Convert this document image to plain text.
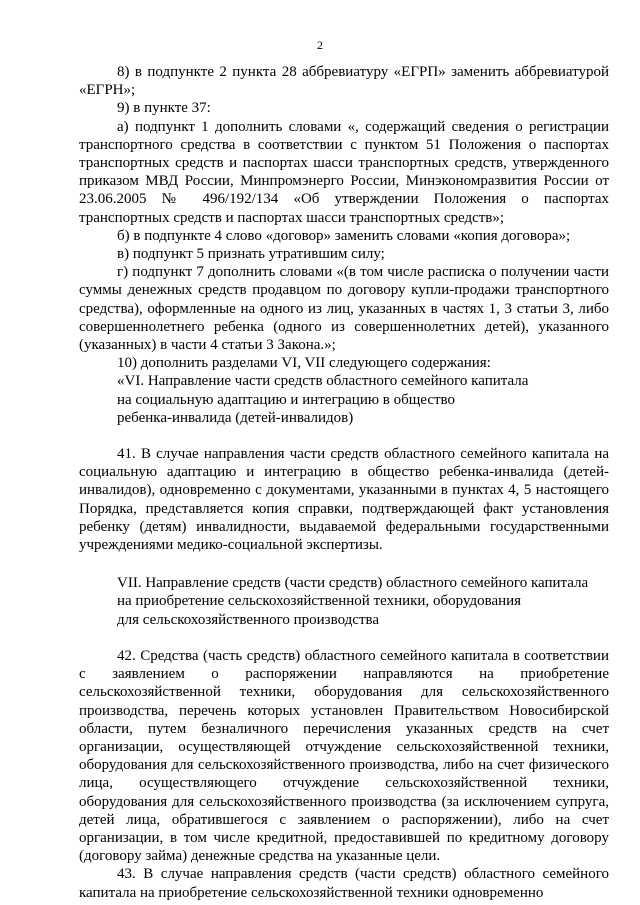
2

8) в подпункте 2 пункта 28 аббревиатуру «ЕГРП» заменить аббревиатурой «ЕГРН»;

9) в пункте 37:

а) подпункт 1 дополнить словами «, содержащий сведения о регистрации транспортного средства в соответствии с пунктом 51 Положения о паспортах транспортных средств и паспортах шасси транспортных средств, утвержденного приказом МВД России, Минпромэнерго России, Минэкономразвития России от 23.06.2005 № 496/192/134 «Об утверждении Положения о паспортах транспортных средств и паспортах шасси транспортных средств»;

б) в подпункте 4 слово «договор» заменить словами «копия договора»;

в) подпункт 5 признать утратившим силу;

г) подпункт 7 дополнить словами «(в том числе расписка о получении части суммы денежных средств продавцом по договору купли-продажи транспортного средства), оформленные на одного из лиц, указанных в частях 1, 3 статьи 3, либо совершеннолетнего ребенка (одного из совершеннолетних детей), указанного (указанных) в части 4 статьи 3 Закона.»;

10) дополнить разделами VI, VII следующего содержания:

«VI. Направление части средств областного семейного капитала

на социальную адаптацию и интеграцию в общество

ребенка-инвалида (детей-инвалидов)

41. В случае направления части средств областного семейного капитала на социальную адаптацию и интеграцию в общество ребенка-инвалида (детей-инвалидов), одновременно с документами, указанными в пунктах 4, 5 настоящего Порядка, представляется копия справки, подтверждающей факт установления ребенку (детям) инвалидности, выдаваемой федеральными государственными учреждениями медико-социальной экспертизы.

VII. Направление средств (части средств) областного семейного капитала

на приобретение сельскохозяйственной техники, оборудования

для сельскохозяйственного производства

42. Средства (часть средств) областного семейного капитала в соответствии с заявлением о распоряжении направляются на приобретение сельскохозяйственной техники, оборудования для сельскохозяйственного производства, перечень которых установлен Правительством Новосибирской области, путем безналичного перечисления указанных средств на счет организации, осуществляющей отчуждение сельскохозяйственной техники, оборудования для сельскохозяйственного производства, либо на счет физического лица, осуществляющего отчуждение сельскохозяйственной техники, оборудования для сельскохозяйственного производства (за исключением супруга, детей лица, обратившегося с заявлением о распоряжении), либо на счет организации, в том числе кредитной, предоставившей по кредитному договору (договору займа) денежные средства на указанные цели.

43. В случае направления средств (части средств) областного семейного капитала на приобретение сельскохозяйственной техники одновременно
